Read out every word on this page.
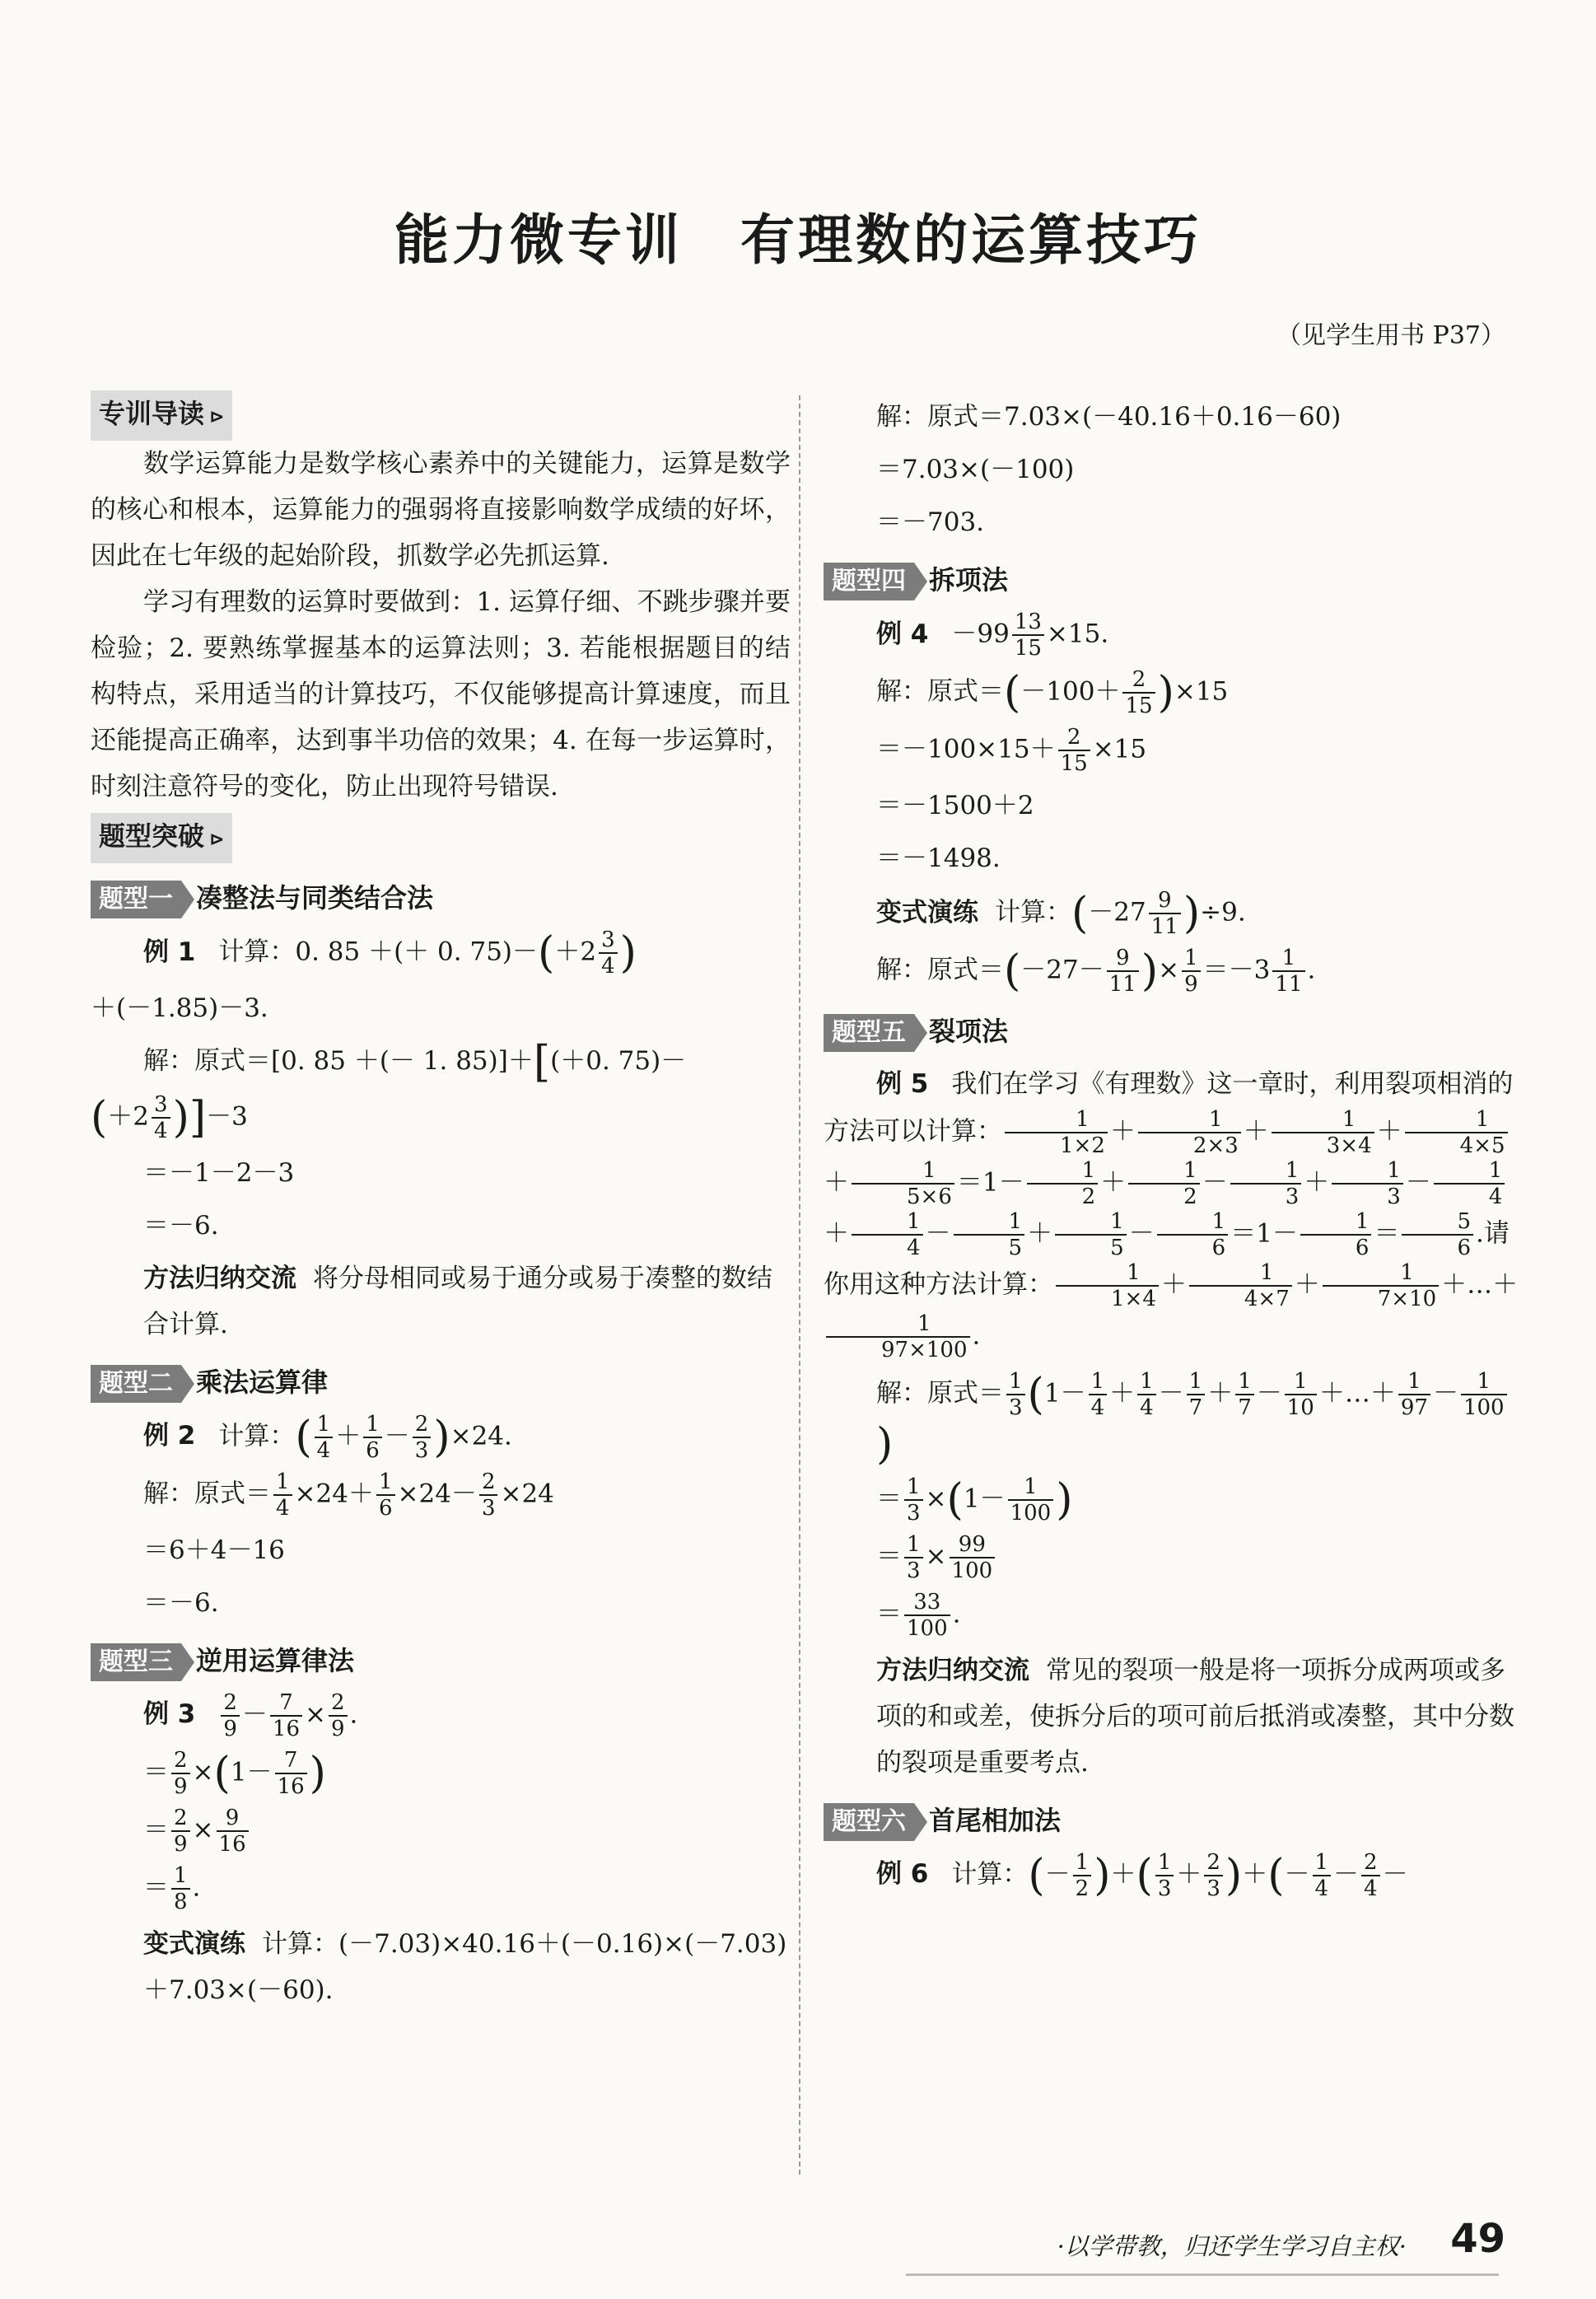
能力微专训 有理数的运算技巧
（见学生用书 P37）
专训导读 ⊳

数学运算能力是数学核心素养中的关键能力，运算是数学的核心和根本，运算能力的强弱将直接影响数学成绩的好坏，因此在七年级的起始阶段，抓数学必先抓运算.

学习有理数的运算时要做到：1. 运算仔细、不跳步骤并要检验；2. 要熟练掌握基本的运算法则；3. 若能根据题目的结构特点，采用适当的计算技巧，不仅能够提高计算速度，而且还能提高正确率，达到事半功倍的效果；4. 在每一步运算时，时刻注意符号的变化，防止出现符号错误.

题型突破 ⊳
题型一 凑整法与同类结合法
例 1 计算：0. 85 ＋(＋ 0. $75)-(+2 \frac{3}{4}$ )
＋(－1.85)－3.
解：原式＝[0. 85 ＋(－ 1. 85)]＋[(＋0. 75)－
$(+2 \frac{3}{4} )]-3$
＝－1－2－3
＝－6.
方法归纳交流 将分母相同或易于通分或易于凑整的数结合计算.
题型二 乘法运算律
例 2 计算：( $\frac{1}{4} + \frac{1}{6} - \frac{2}{3} )\times 24$.
解：原式＝ $\frac{1}{4} \times 24+ \frac{1}{6} \times 24- \frac{2}{3} \times 24$
＝6＋4－16
＝－6.
题型三 逆用运算律法
例 $3 \frac{2}{9} - \frac{7}{16} \times \frac{2}{9}$ .
＝ $\frac{2}{9} \times(1- \frac{7}{16}$ )
＝ $\frac{2}{9} \times \frac{9}{16}$
＝ $\frac{1}{8}$ .
变式演练 计算：(－7.03)×40.16＋(－0.16)×(－7.03)＋7.03×(－60).
解：原式＝7.03×(－40.16＋0.16－60)
＝7.03×(－100)
＝－703.
题型四 拆项法
例 $4 -99 \frac{13}{15} \times 15$.
解：原式$=(-100+ \frac{2}{15} )\times 15$
$=-100\times 15+ \frac{2}{15} \times 15$
＝－1500＋2
＝－1498.
变式演练 计算：$(-27 \frac{9}{11} )\div 9$.
解：原式$=(-27- \frac{9}{11}$ )× $\frac{1}{9} =-3 \frac{1}{11}$ .
题型五 裂项法
例 5 我们在学习《有理数》这一章时，利用裂项相消的方法可以计算： $\frac{1}{1\times 2} + \frac{1}{2\times 3} + \frac{1}{3\times 4} + \frac{1}{4\times 5}$
＋ $\frac{1}{5\times 6} =1- \frac{1}{2} + \frac{1}{2} - \frac{1}{3} + \frac{1}{3} - \frac{1}{4}$
＋ $\frac{1}{4} - \frac{1}{5} + \frac{1}{5} - \frac{1}{6} =1- \frac{1}{6} = \frac{5}{6}$ .请你用这种方法计算： $\frac{1}{1\times 4} + \frac{1}{4\times 7} + \frac{1}{7\times 10}$ ＋…＋
$\frac{1}{97\times 100}$ .
解：原式＝ $\frac{1}{3} (1- \frac{1}{4} + \frac{1}{4} - \frac{1}{7} + \frac{1}{7} - \frac{1}{10}$ ＋…＋ $\frac{1}{97} - \frac{1}{100}$
)
＝ $\frac{1}{3} \times(1- \frac{1}{100}$ )
＝ $\frac{1}{3} \times \frac{99}{100}$
＝ $\frac{33}{100}$ .
方法归纳交流 常见的裂项一般是将一项拆分成两项或多项的和或差，使拆分后的项可前后抵消或凑整，其中分数的裂项是重要考点.
题型六 首尾相加法
例 6 计算：(－ $\frac{1}{2}$ )＋( $\frac{1}{3} + \frac{2}{3}$ )＋(－ $\frac{1}{4} - \frac{2}{4}$ －
·以学带教，归还学生学习自主权· 49
